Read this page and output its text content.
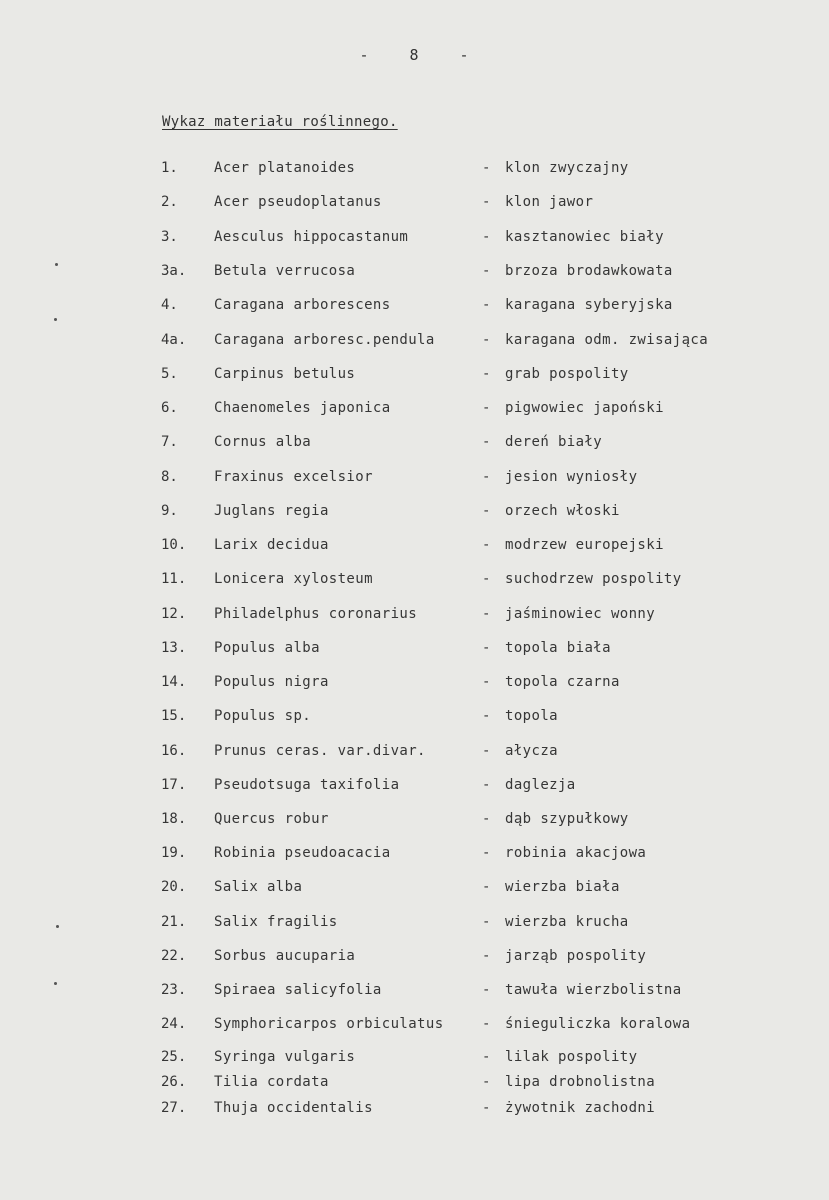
-	8	-
Wykaz materiału roślinnego.
1.	Acer platanoides	- klon zwyczajny
2.	Acer pseudoplatanus	- klon jawor
3.	Aesculus hippocastanum	- kasztanowiec biały
3a. Betula verrucosa	- brzoza brodawkowata
4.	Caragana arborescens	- karagana syberyjska
4a. Caragana arboresc.pendula	- karagana odm. zwisająca
5.	Carpinus betulus	- grab pospolity
6.	Chaenomeles japonica	- pigwowiec japoński
7.	Cornus alba	- dereń biały
8.	Fraxinus excelsior	- jesion wyniosły
9.	Juglans regia	- orzech włoski
10. Larix decidua	- modrzew europejski
11. Lonicera xylosteum	- suchodrzew pospolity
12. Philadelphus coronarius	- jaśminowiec wonny
13. Populus alba	- topola biała
14. Populus nigra	- topola czarna
15. Populus sp.	- topola
16. Prunus ceras. var.divar.	- ałycza
17. Pseudotsuga taxifolia	- daglezja
18. Quercus robur	- dąb szypułkowy
19. Robinia pseudoacacia	- robinia akacjowa
20. Salix alba	- wierzba biała
21. Salix fragilis	- wierzba krucha
22. Sorbus aucuparia	- jarząb pospolity
23. Spiraea salicyfolia	- tawuła wierzbolistna
24. Symphoricarpos orbiculatus	- śnieguliczka koralowa
25. Syringa vulgaris	- lilak pospolity
26. Tilia cordata	- lipa drobnolistna
27. Thuja occidentalis	- żywotnik zachodni
